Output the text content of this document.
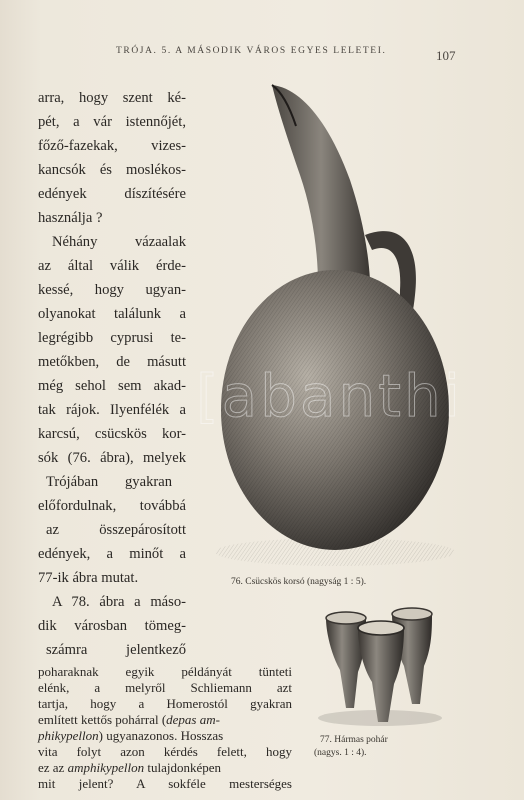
TRÓJA. 5. A MÁSODIK VÁROS EGYES LELETEI.	107
arra, hogy szent ké-
pét, a vár istennőjét,
főző-fazekak, vizes-
kancsók és moslékos-
edények díszítésére
használja ?
Néhány vázaalak
az által válik érde-
kessé, hogy ugyan-
olyanokat találunk a
legrégibb cyprusi te-
metőkben, de másutt
még sehol sem akad-
tak rájok. Ilyenfélék a
karcsú, csücskös kor-
sók (76. ábra), melyek
Trójában gyakran
előfordulnak, továbbá
az összepárosított
edények, a minőt a
77-ik ábra mutat.
A 78. ábra a máso-
dik városban tömeg-
számra jelentkező
poharaknak egyik példányát tünteti
elénk, a melyről Schliemann azt
tartja, hogy a Homerostól gyakran
említett kettős pohárral (depas am-
phikypellon) ugyanazonos. Hosszas
vita folyt azon kérdés felett, hogy
ez az amphikypellon tulajdonképen
mit jelent? A sokféle mesterséges
76. Csücskös korsó (nagyság 1 : 5).
77. Hármas pohár
(nagys. 1 : 4).
[abanthi
